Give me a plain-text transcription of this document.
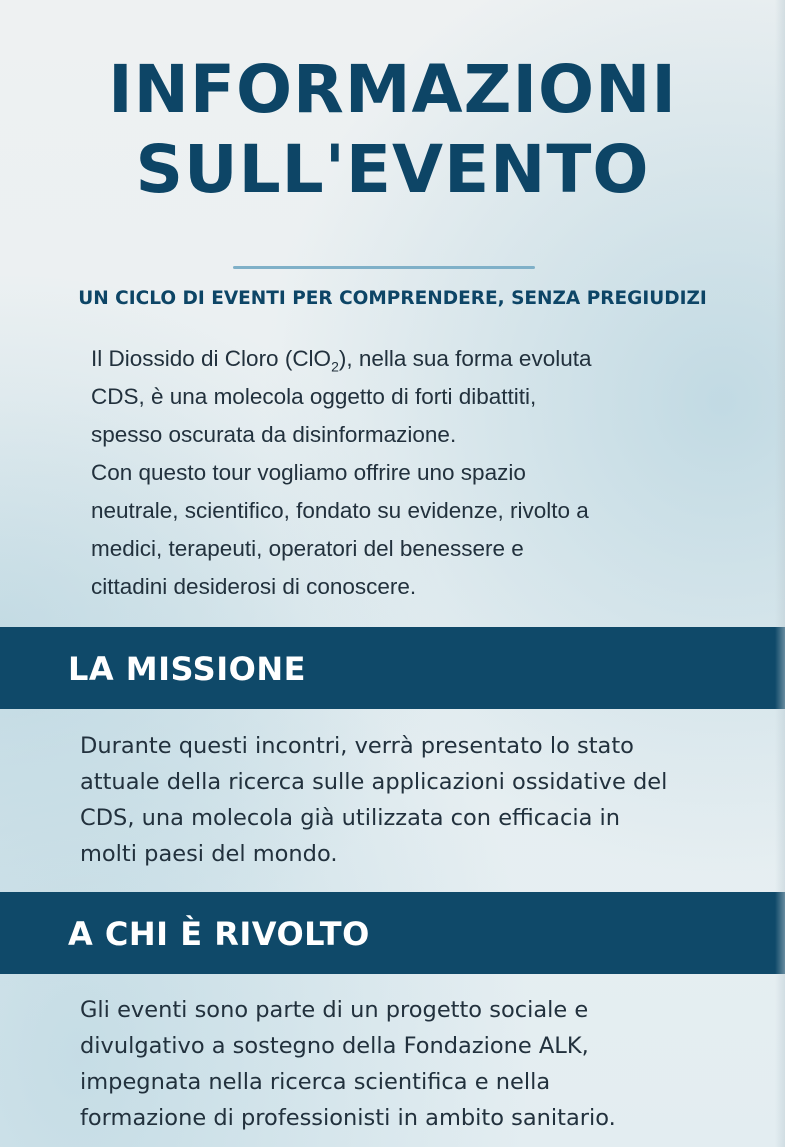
INFORMAZIONI
SULL'EVENTO

UN CICLO DI EVENTI PER COMPRENDERE, SENZA PREGIUDIZI

Il Diossido di Cloro (ClO$_2$), nella sua forma evoluta
CDS, è una molecola oggetto di forti dibattiti,
spesso oscurata da disinformazione.
Con questo tour vogliamo offrire uno spazio
neutrale, scientifico, fondato su evidenze, rivolto a
medici, terapeuti, operatori del benessere e
cittadini desiderosi di conoscere.

LA MISSIONE

Durante questi incontri, verrà presentato lo stato
attuale della ricerca sulle applicazioni ossidative del
CDS, una molecola già utilizzata con efficacia in
molti paesi del mondo.

A CHI È RIVOLTO

Gli eventi sono parte di un progetto sociale e
divulgativo a sostegno della Fondazione ALK,
impegnata nella ricerca scientifica e nella
formazione di professionisti in ambito sanitario.
